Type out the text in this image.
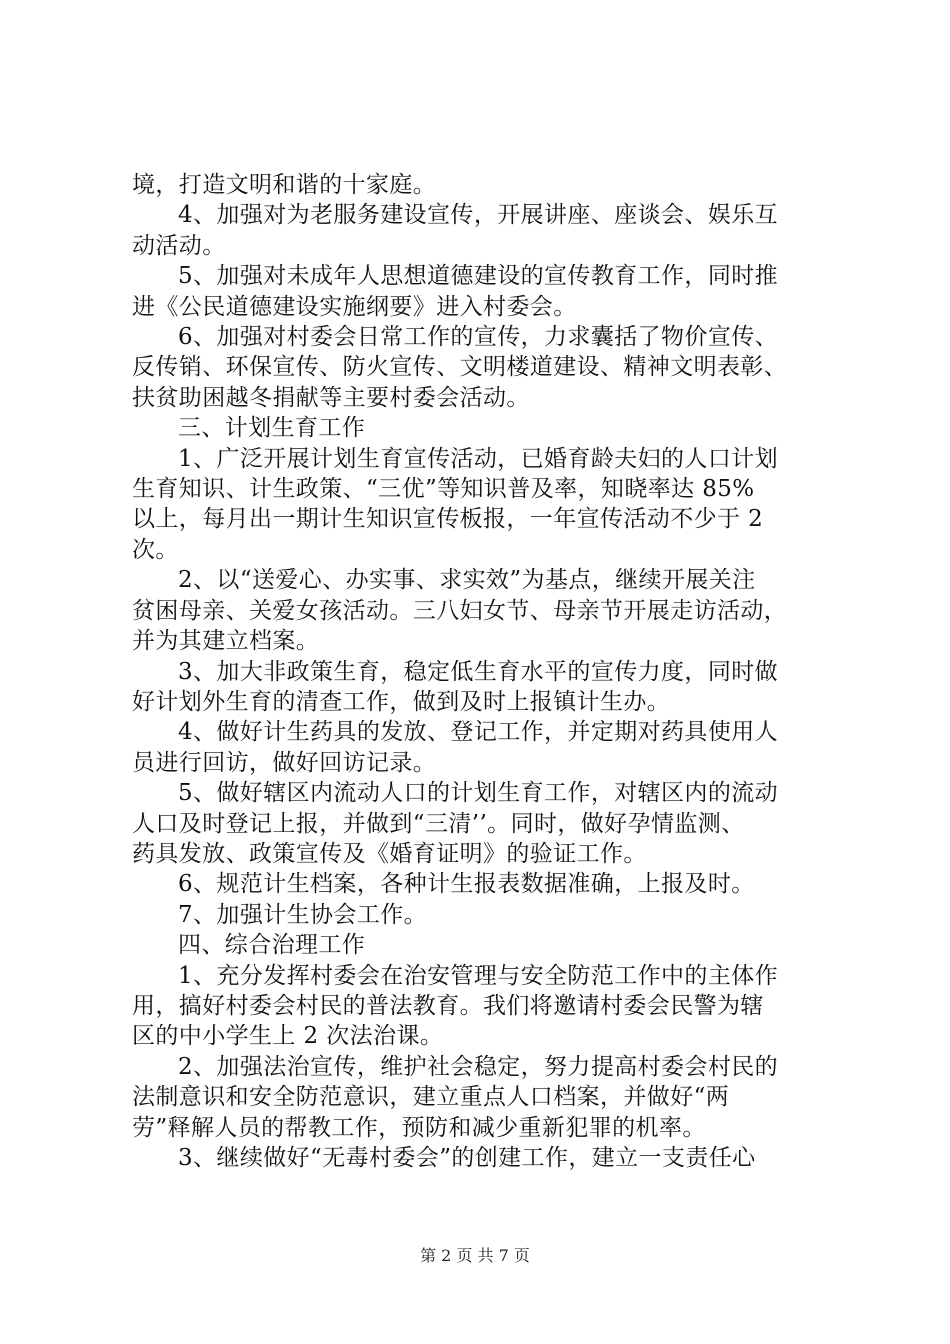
境，打造文明和谐的十家庭。
4、加强对为老服务建设宣传，开展讲座、座谈会、娱乐互
动活动。
5、加强对未成年人思想道德建设的宣传教育工作，同时推
进《公民道德建设实施纲要》进入村委会。
6、加强对村委会日常工作的宣传，力求囊括了物价宣传、
反传销、环保宣传、防火宣传、文明楼道建设、精神文明表彰、
扶贫助困越冬捐献等主要村委会活动。
三、计划生育工作
1、广泛开展计划生育宣传活动，已婚育龄夫妇的人口计划
生育知识、计生政策、“三优”等知识普及率，知晓率达 85%
以上，每月出一期计生知识宣传板报，一年宣传活动不少于 2
次。
2、以“送爱心、办实事、求实效”为基点，继续开展关注
贫困母亲、关爱女孩活动。三八妇女节、母亲节开展走访活动，
并为其建立档案。
3、加大非政策生育，稳定低生育水平的宣传力度，同时做
好计划外生育的清查工作，做到及时上报镇计生办。
4、做好计生药具的发放、登记工作，并定期对药具使用人
员进行回访，做好回访记录。
5、做好辖区内流动人口的计划生育工作，对辖区内的流动
人口及时登记上报，并做到“三清’’。同时，做好孕情监测、
药具发放、政策宣传及《婚育证明》的验证工作。
6、规范计生档案，各种计生报表数据准确，上报及时。
7、加强计生协会工作。
四、综合治理工作
1、充分发挥村委会在治安管理与安全防范工作中的主体作
用，搞好村委会村民的普法教育。我们将邀请村委会民警为辖
区的中小学生上 2 次法治课。
2、加强法治宣传，维护社会稳定，努力提高村委会村民的
法制意识和安全防范意识，建立重点人口档案，并做好“两
劳”释解人员的帮教工作，预防和减少重新犯罪的机率。
3、继续做好“无毒村委会”的创建工作，建立一支责任心
第 2 页 共 7 页
